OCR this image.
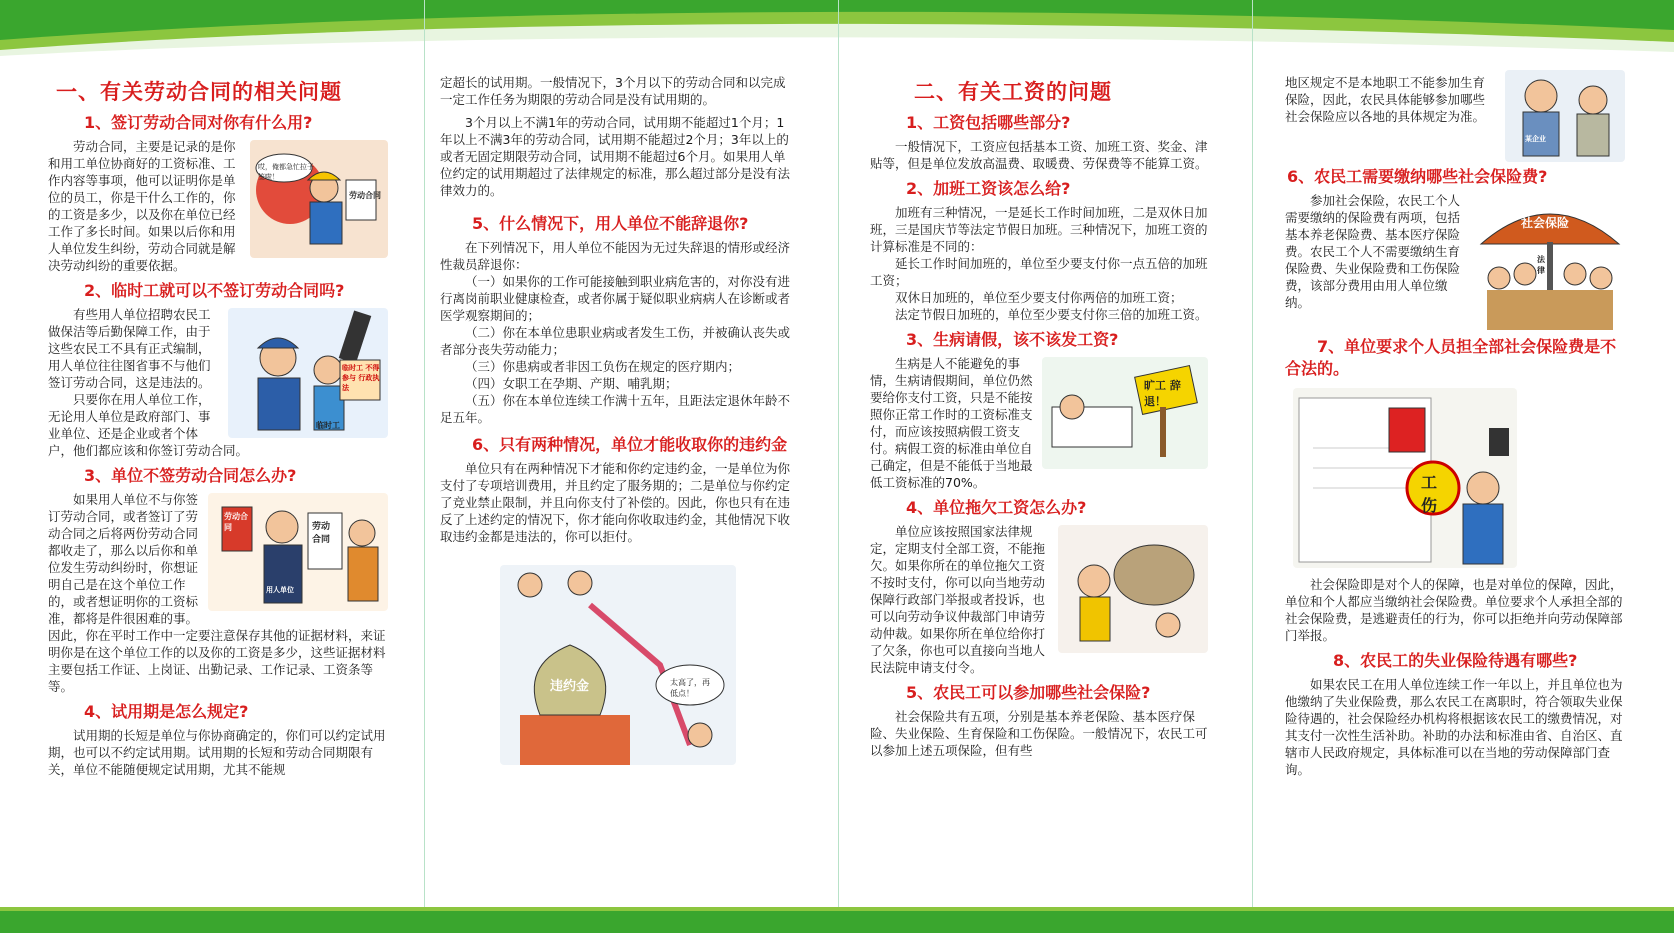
一、有关劳动合同的相关问题
1、签订劳动合同对你有什么用?
哎，俺都急忙拉子签啦！
劳动合同

劳动合同，主要是记录的是你和用工单位协商好的工资标准、工作内容等事项，他可以证明你是单位的员工，你是干什么工作的，你的工资是多少，以及你在单位已经工作了多长时间。如果以后你和用人单位发生纠纷，劳动合同就是解决劳动纠纷的重要依据。

2、临时工就可以不签订劳动合同吗?
临时工 不得参与 行政执法
临时工

有些用人单位招聘农民工做保洁等后勤保障工作，由于这些农民工不具有正式编制，用人单位往往图省事不与他们签订劳动合同，这是违法的。

只要你在用人单位工作，无论用人单位是政府部门、事业单位、还是企业或者个体户，他们都应该和你签订劳动合同。

3、单位不签劳动合同怎么办?
劳动合同	劳动合同
用人单位

如果用人单位不与你签订劳动合同，或者签订了劳动合同之后将两份劳动合同都收走了，那么以后你和单位发生劳动纠纷时，你想证明自己是在这个单位工作的，或者想证明你的工资标准，都将是件很困难的事。因此，你在平时工作中一定要注意保存其他的证据材料，来证明你是在这个单位工作的以及你的工资是多少，这些证据材料主要包括工作证、上岗证、出勤记录、工作记录、工资条等等。

4、试用期是怎么规定?

试用期的长短是单位与你协商确定的，你们可以约定试用期，也可以不约定试用期。试用期的长短和劳动合同期限有关，单位不能随便规定试用期，尤其不能规

定超长的试用期。一般情况下，3个月以下的劳动合同和以完成一定工作任务为期限的劳动合同是没有试用期的。

3个月以上不满1年的劳动合同，试用期不能超过1个月；1年以上不满3年的劳动合同，试用期不能超过2个月；3年以上的或者无固定期限劳动合同，试用期不能超过6个月。如果用人单位约定的试用期超过了法律规定的标准，那么超过部分是没有法律效力的。

5、什么情况下，用人单位不能辞退你?

在下列情况下，用人单位不能因为无过失辞退的情形或经济性裁员辞退你：

（一）如果你的工作可能接触到职业病危害的，对你没有进行离岗前职业健康检查，或者你属于疑似职业病病人在诊断或者医学观察期间的；

（二）你在本单位患职业病或者发生工伤，并被确认丧失或者部分丧失劳动能力；

（三）你患病或者非因工负伤在规定的医疗期内；

（四）女职工在孕期、产期、哺乳期；

（五）你在本单位连续工作满十五年，且距法定退休年龄不足五年。

6、只有两种情况，单位才能收取你的违约金

单位只有在两种情况下才能和你约定违约金，一是单位为你支付了专项培训费用，并且约定了服务期的；二是单位与你约定了竞业禁止限制，并且向你支付了补偿的。因此，你也只有在违反了上述约定的情况下，你才能向你收取违约金，其他情况下收取违约金都是违法的，你可以拒付。

违约金	太高了，再低点！
二、有关工资的问题
1、工资包括哪些部分?

一般情况下，工资应包括基本工资、加班工资、奖金、津贴等，但是单位发放高温费、取暖费、劳保费等不能算工资。

2、加班工资该怎么给?

加班有三种情况，一是延长工作时间加班，二是双休日加班，三是国庆节等法定节假日加班。三种情况下，加班工资的计算标准是不同的：

延长工作时间加班的，单位至少要支付你一点五倍的加班工资；

双休日加班的，单位至少要支付你两倍的加班工资；

法定节假日加班的，单位至少要支付你三倍的加班工资。

3、生病请假，该不该发工资?
旷工 辞退！

生病是人不能避免的事情，生病请假期间，单位仍然要给你支付工资，只是不能按照你正常工作时的工资标准支付，而应该按照病假工资支付。病假工资的标准由单位自己确定，但是不能低于当地最低工资标准的70%。

4、单位拖欠工资怎么办?

单位应该按照国家法律规定，定期支付全部工资，不能拖欠。如果你所在的单位拖欠工资不按时支付，你可以向当地劳动保障行政部门举报或者投诉，也可以向劳动争议仲裁部门申请劳动仲裁。如果你所在单位给你打了欠条，你也可以直接向当地人民法院申请支付令。

5、农民工可以参加哪些社会保险?

社会保险共有五项，分别是基本养老保险、基本医疗保险、失业保险、生育保险和工伤保险。一般情况下，农民工可以参加上述五项保险，但有些

某企业

地区规定不是本地职工不能参加生育保险，因此，农民具体能够参加哪些社会保险应以各地的具体规定为准。

6、农民工需要缴纳哪些社会保险费?
社会保险
法律

参加社会保险，农民工个人需要缴纳的保险费有两项，包括基本养老保险费、基本医疗保险费。农民工个人不需要缴纳生育保险费、失业保险费和工伤保险费，该部分费用由用人单位缴纳。

7、单位要求个人员担全部社会保险费是不合法的。
工伤

社会保险即是对个人的保障，也是对单位的保障，因此，单位和个人都应当缴纳社会保险费。单位要求个人承担全部的社会保险费，是逃避责任的行为，你可以拒绝并向劳动保障部门举报。

8、农民工的失业保险待遇有哪些?

如果农民工在用人单位连续工作一年以上，并且单位也为他缴纳了失业保险费，那么农民工在离职时，符合领取失业保险待遇的，社会保险经办机构将根据该农民工的缴费情况，对其支付一次性生活补助。补助的办法和标准由省、自治区、直辖市人民政府规定，具体标准可以在当地的劳动保障部门查询。
